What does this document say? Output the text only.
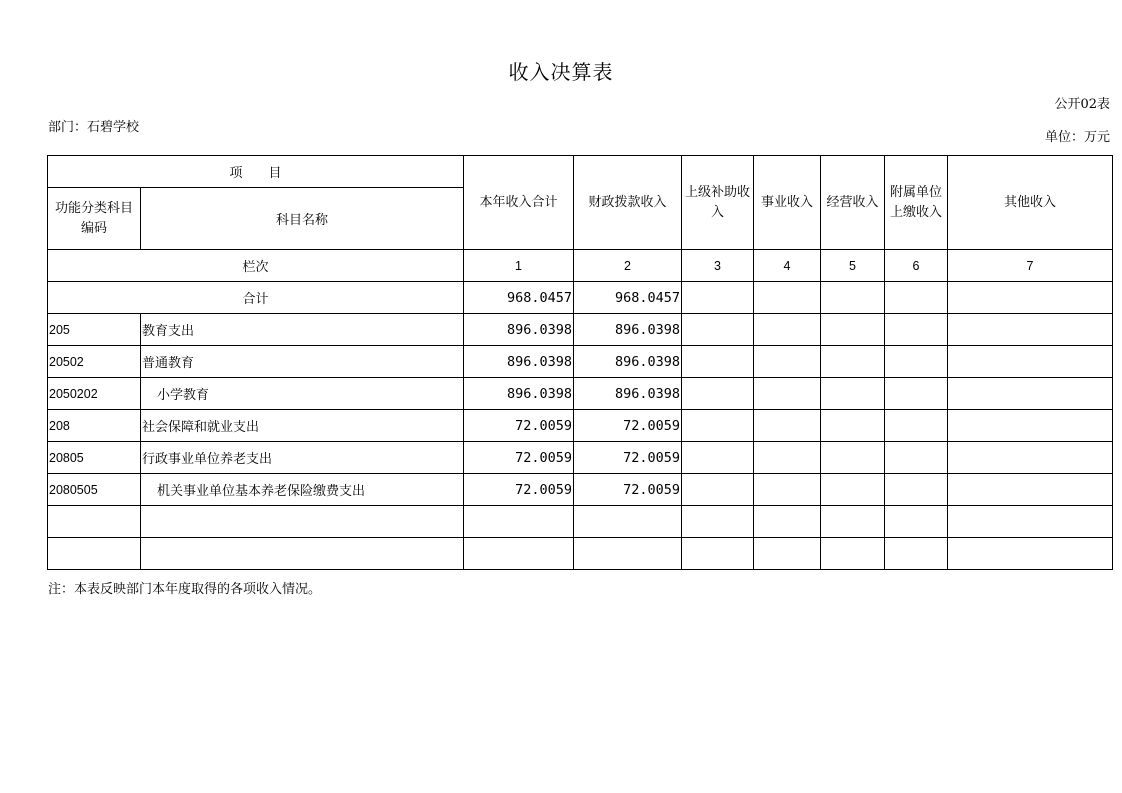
收入决算表
公开02表
部门：石碧学校
单位：万元
项　　目		本年收入合计	财政拨款收入	上级补助收入	事业收入	经营收入	附属单位上缴收入	其他收入
功能分类科目编码	科目名称							
栏次		1	2	3	4	5	6	7
合计		968.0457	968.0457					
205	教育支出	896.0398	896.0398					
20502	普通教育	896.0398	896.0398					
2050202	小学教育	896.0398	896.0398					
208	社会保障和就业支出	72.0059	72.0059					
20805	行政事业单位养老支出	72.0059	72.0059					
2080505	机关事业单位基本养老保险缴费支出	72.0059	72.0059					

注：本表反映部门本年度取得的各项收入情况。
